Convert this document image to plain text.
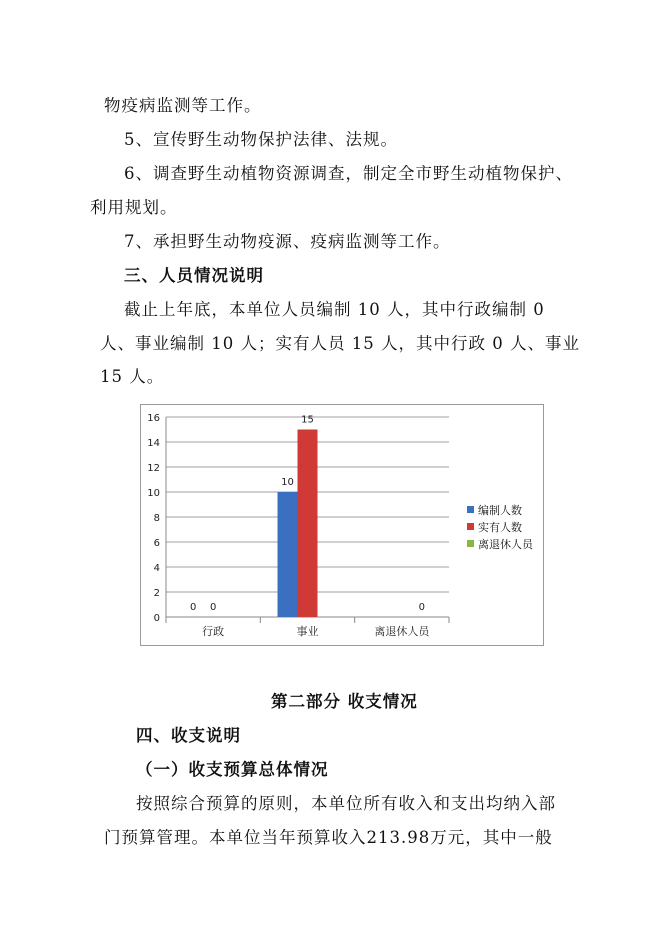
物疫病监测等工作。
5、宣传野生动物保护法律、法规。
6、调查野生动植物资源调查，制定全市野生动植物保护、
利用规划。
7、承担野生动物疫源、疫病监测等工作。
三、人员情况说明
截止上年底，本单位人员编制 10 人，其中行政编制 0
人、事业编制 10 人；实有人员 15 人，其中行政 0 人、事业
15 人。
0
2
4
6
8
10
12
14
16
行政	事业	离退休人员
0 0
10
15
0
编制人数
实有人数
离退休人员
第二部分 收支情况
四、收支说明
（一）收支预算总体情况
按照综合预算的原则，本单位所有收入和支出均纳入部
门预算管理。本单位当年预算收入213.98万元，其中一般
